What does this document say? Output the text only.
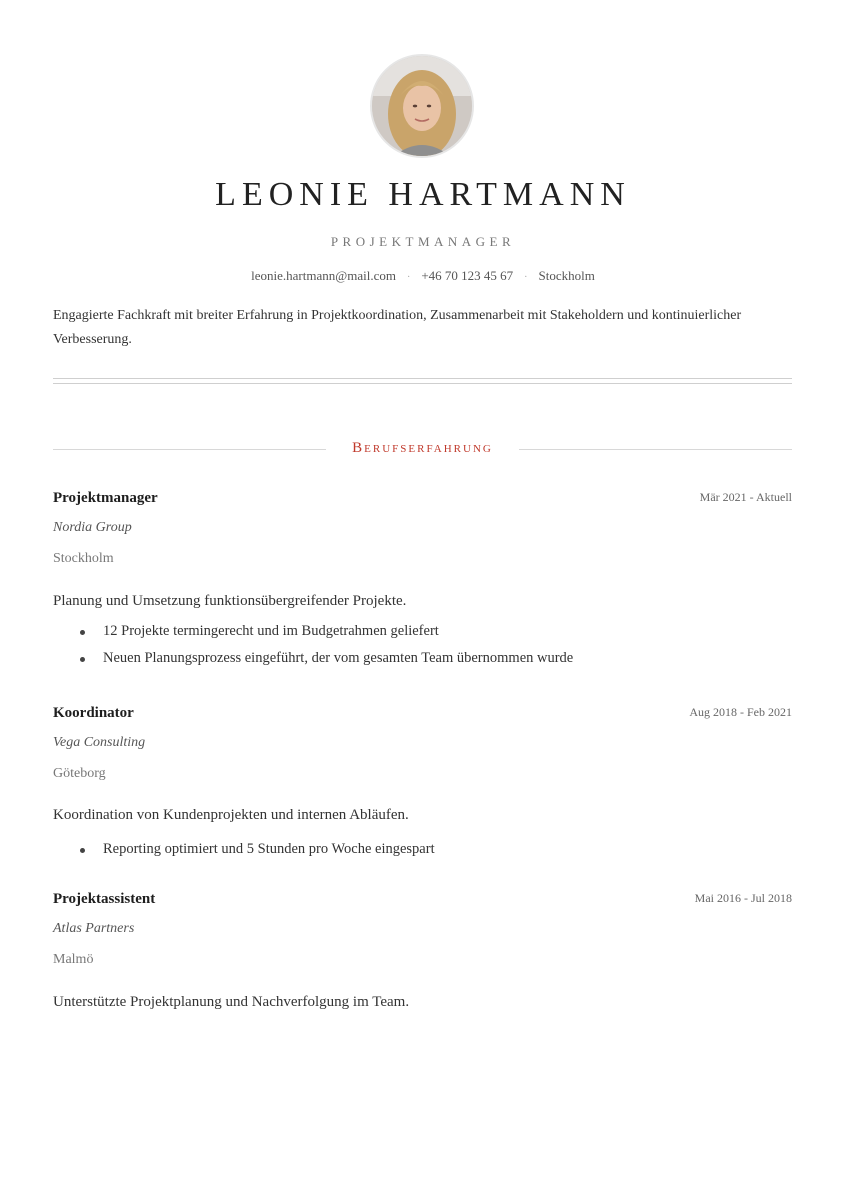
LEONIE HARTMANN
PROJEKTMANAGER
leonie.hartmann@mail.com · +46 70 123 45 67 · Stockholm

Engagierte Fachkraft mit breiter Erfahrung in Projektkoordination, Zusammenarbeit mit Stakeholdern und kontinuierlicher Verbesserung.

Berufserfahrung
Projektmanager	Mär 2021 - Aktuell
Nordia Group
Stockholm
Planung und Umsetzung funktionsübergreifender Projekte.
12 Projekte termingerecht und im Budgetrahmen geliefert
Neuen Planungsprozess eingeführt, der vom gesamten Team übernommen wurde
Koordinator	Aug 2018 - Feb 2021
Vega Consulting
Göteborg
Koordination von Kundenprojekten und internen Abläufen.
Reporting optimiert und 5 Stunden pro Woche eingespart
Projektassistent	Mai 2016 - Jul 2018
Atlas Partners
Malmö
Unterstützte Projektplanung und Nachverfolgung im Team.
